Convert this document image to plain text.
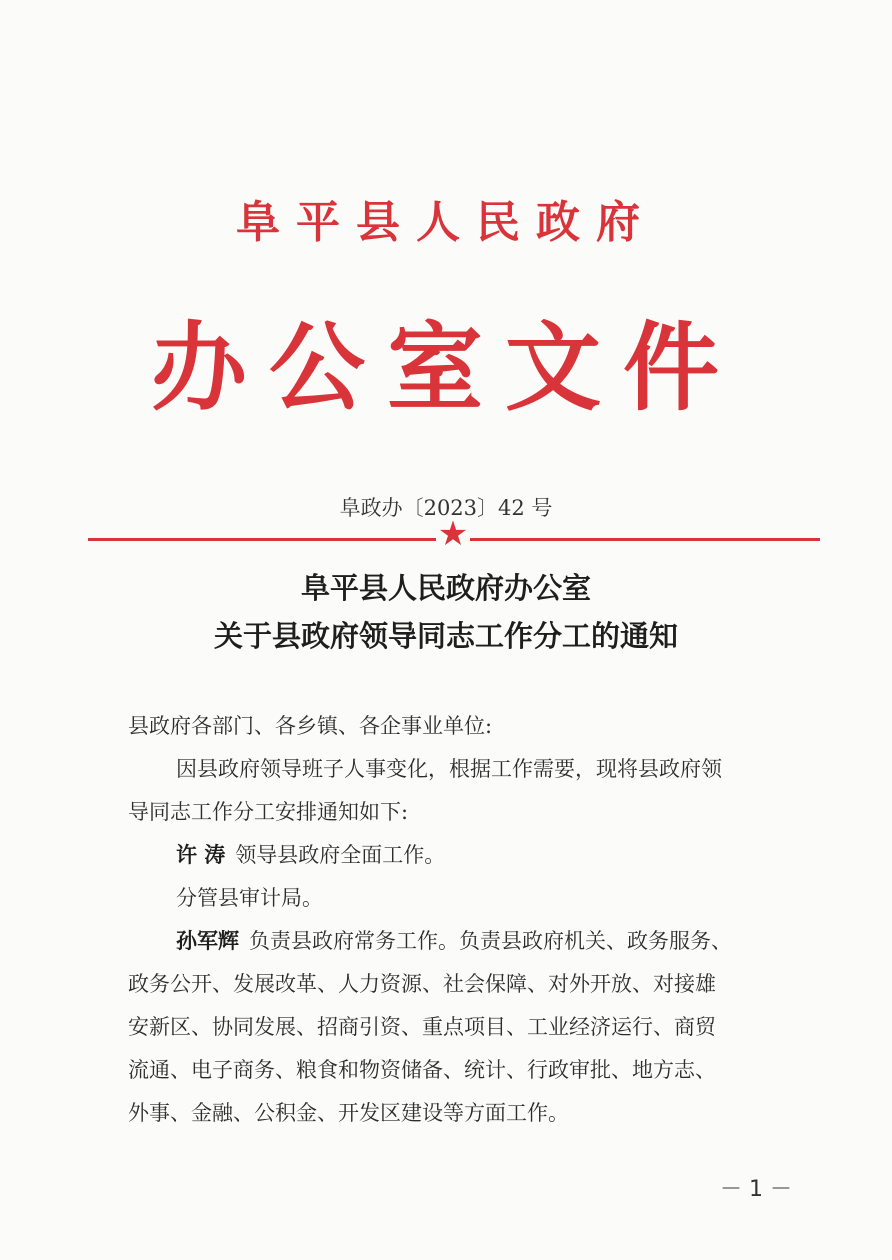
阜平县人民政府
办公室文件
阜政办〔2023〕42 号
★
阜平县人民政府办公室
关于县政府领导同志工作分工的通知
县政府各部门、各乡镇、各企事业单位:
因县政府领导班子人事变化，根据工作需要，现将县政府领
导同志工作分工安排通知如下:
许 涛 领导县政府全面工作。
分管县审计局。
孙军辉 负责县政府常务工作。负责县政府机关、政务服务、
政务公开、发展改革、人力资源、社会保障、对外开放、对接雄
安新区、协同发展、招商引资、重点项目、工业经济运行、商贸
流通、电子商务、粮食和物资储备、统计、行政审批、地方志、
外事、金融、公积金、开发区建设等方面工作。
－ 1 －
